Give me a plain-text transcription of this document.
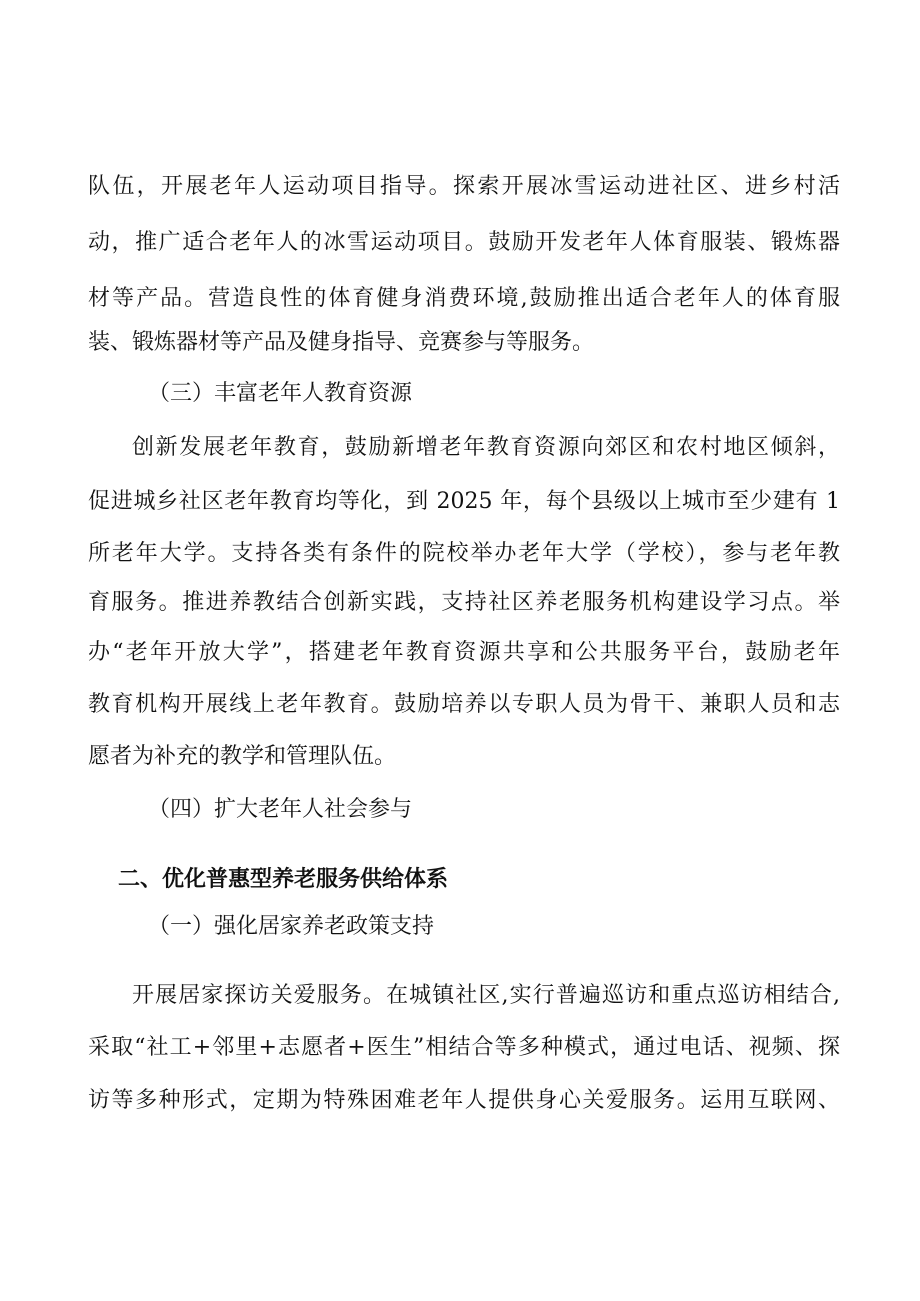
队伍，开展老年人运动项目指导。探索开展冰雪运动进社区、进乡村活
动，推广适合老年人的冰雪运动项目。鼓励开发老年人体育服装、锻炼器
材等产品。营造良性的体育健身消费环境,鼓励推出适合老年人的体育服
装、锻炼器材等产品及健身指导、竞赛参与等服务。
（三）丰富老年人教育资源
创新发展老年教育，鼓励新增老年教育资源向郊区和农村地区倾斜，
促进城乡社区老年教育均等化，到 2025 年，每个县级以上城市至少建有 1
所老年大学。支持各类有条件的院校举办老年大学（学校），参与老年教
育服务。推进养教结合创新实践，支持社区养老服务机构建设学习点。举
办“老年开放大学”，搭建老年教育资源共享和公共服务平台，鼓励老年
教育机构开展线上老年教育。鼓励培养以专职人员为骨干、兼职人员和志
愿者为补充的教学和管理队伍。
（四）扩大老年人社会参与
二、优化普惠型养老服务供给体系
（一）强化居家养老政策支持
开展居家探访关爱服务。在城镇社区,实行普遍巡访和重点巡访相结合,
采取“社工+邻里+志愿者+医生”相结合等多种模式，通过电话、视频、探
访等多种形式，定期为特殊困难老年人提供身心关爱服务。运用互联网、
